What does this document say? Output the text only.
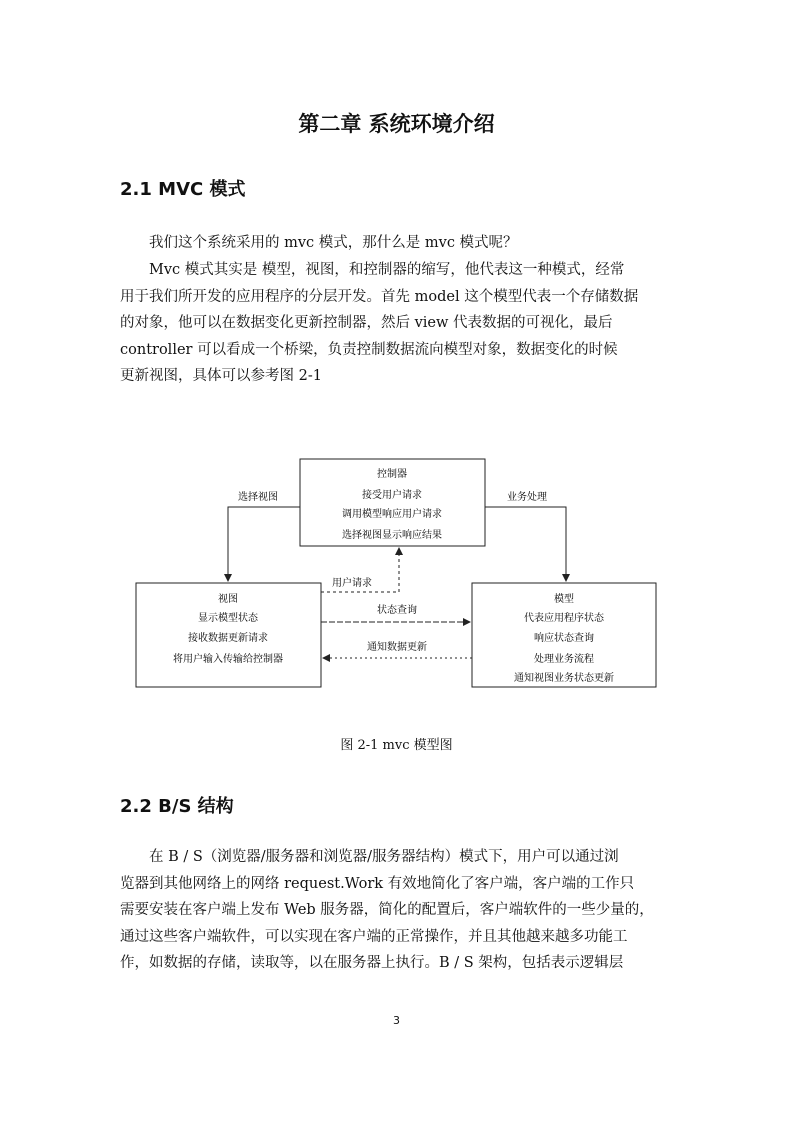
第二章 系统环境介绍
2.1 MVC 模式
我们这个系统采用的 mvc 模式，那什么是 mvc 模式呢？
Mvc 模式其实是 模型，视图，和控制器的缩写，他代表这一种模式，经常
用于我们所开发的应用程序的分层开发。首先 model 这个模型代表一个存储数据
的对象，他可以在数据变化更新控制器，然后 view 代表数据的可视化，最后
controller 可以看成一个桥梁，负责控制数据流向模型对象，数据变化的时候
更新视图，具体可以参考图 2-1
控制器
接受用户请求
调用模型响应用户请求
选择视图显示响应结果
视图
显示模型状态
接收数据更新请求
将用户输入传输给控制器
模型
代表应用程序状态
响应状态查询
处理业务流程
通知视图业务状态更新
选择视图	业务处理
用户请求
状态查询
通知数据更新
图 2-1 mvc 模型图
2.2 B/S 结构
在 B / S（浏览器/服务器和浏览器/服务器结构）模式下，用户可以通过浏
览器到其他网络上的网络 request.Work 有效地简化了客户端，客户端的工作只
需要安装在客户端上发布 Web 服务器，简化的配置后，客户端软件的一些少量的，
通过这些客户端软件，可以实现在客户端的正常操作，并且其他越来越多功能工
作，如数据的存储，读取等，以在服务器上执行。B / S 架构，包括表示逻辑层
3
